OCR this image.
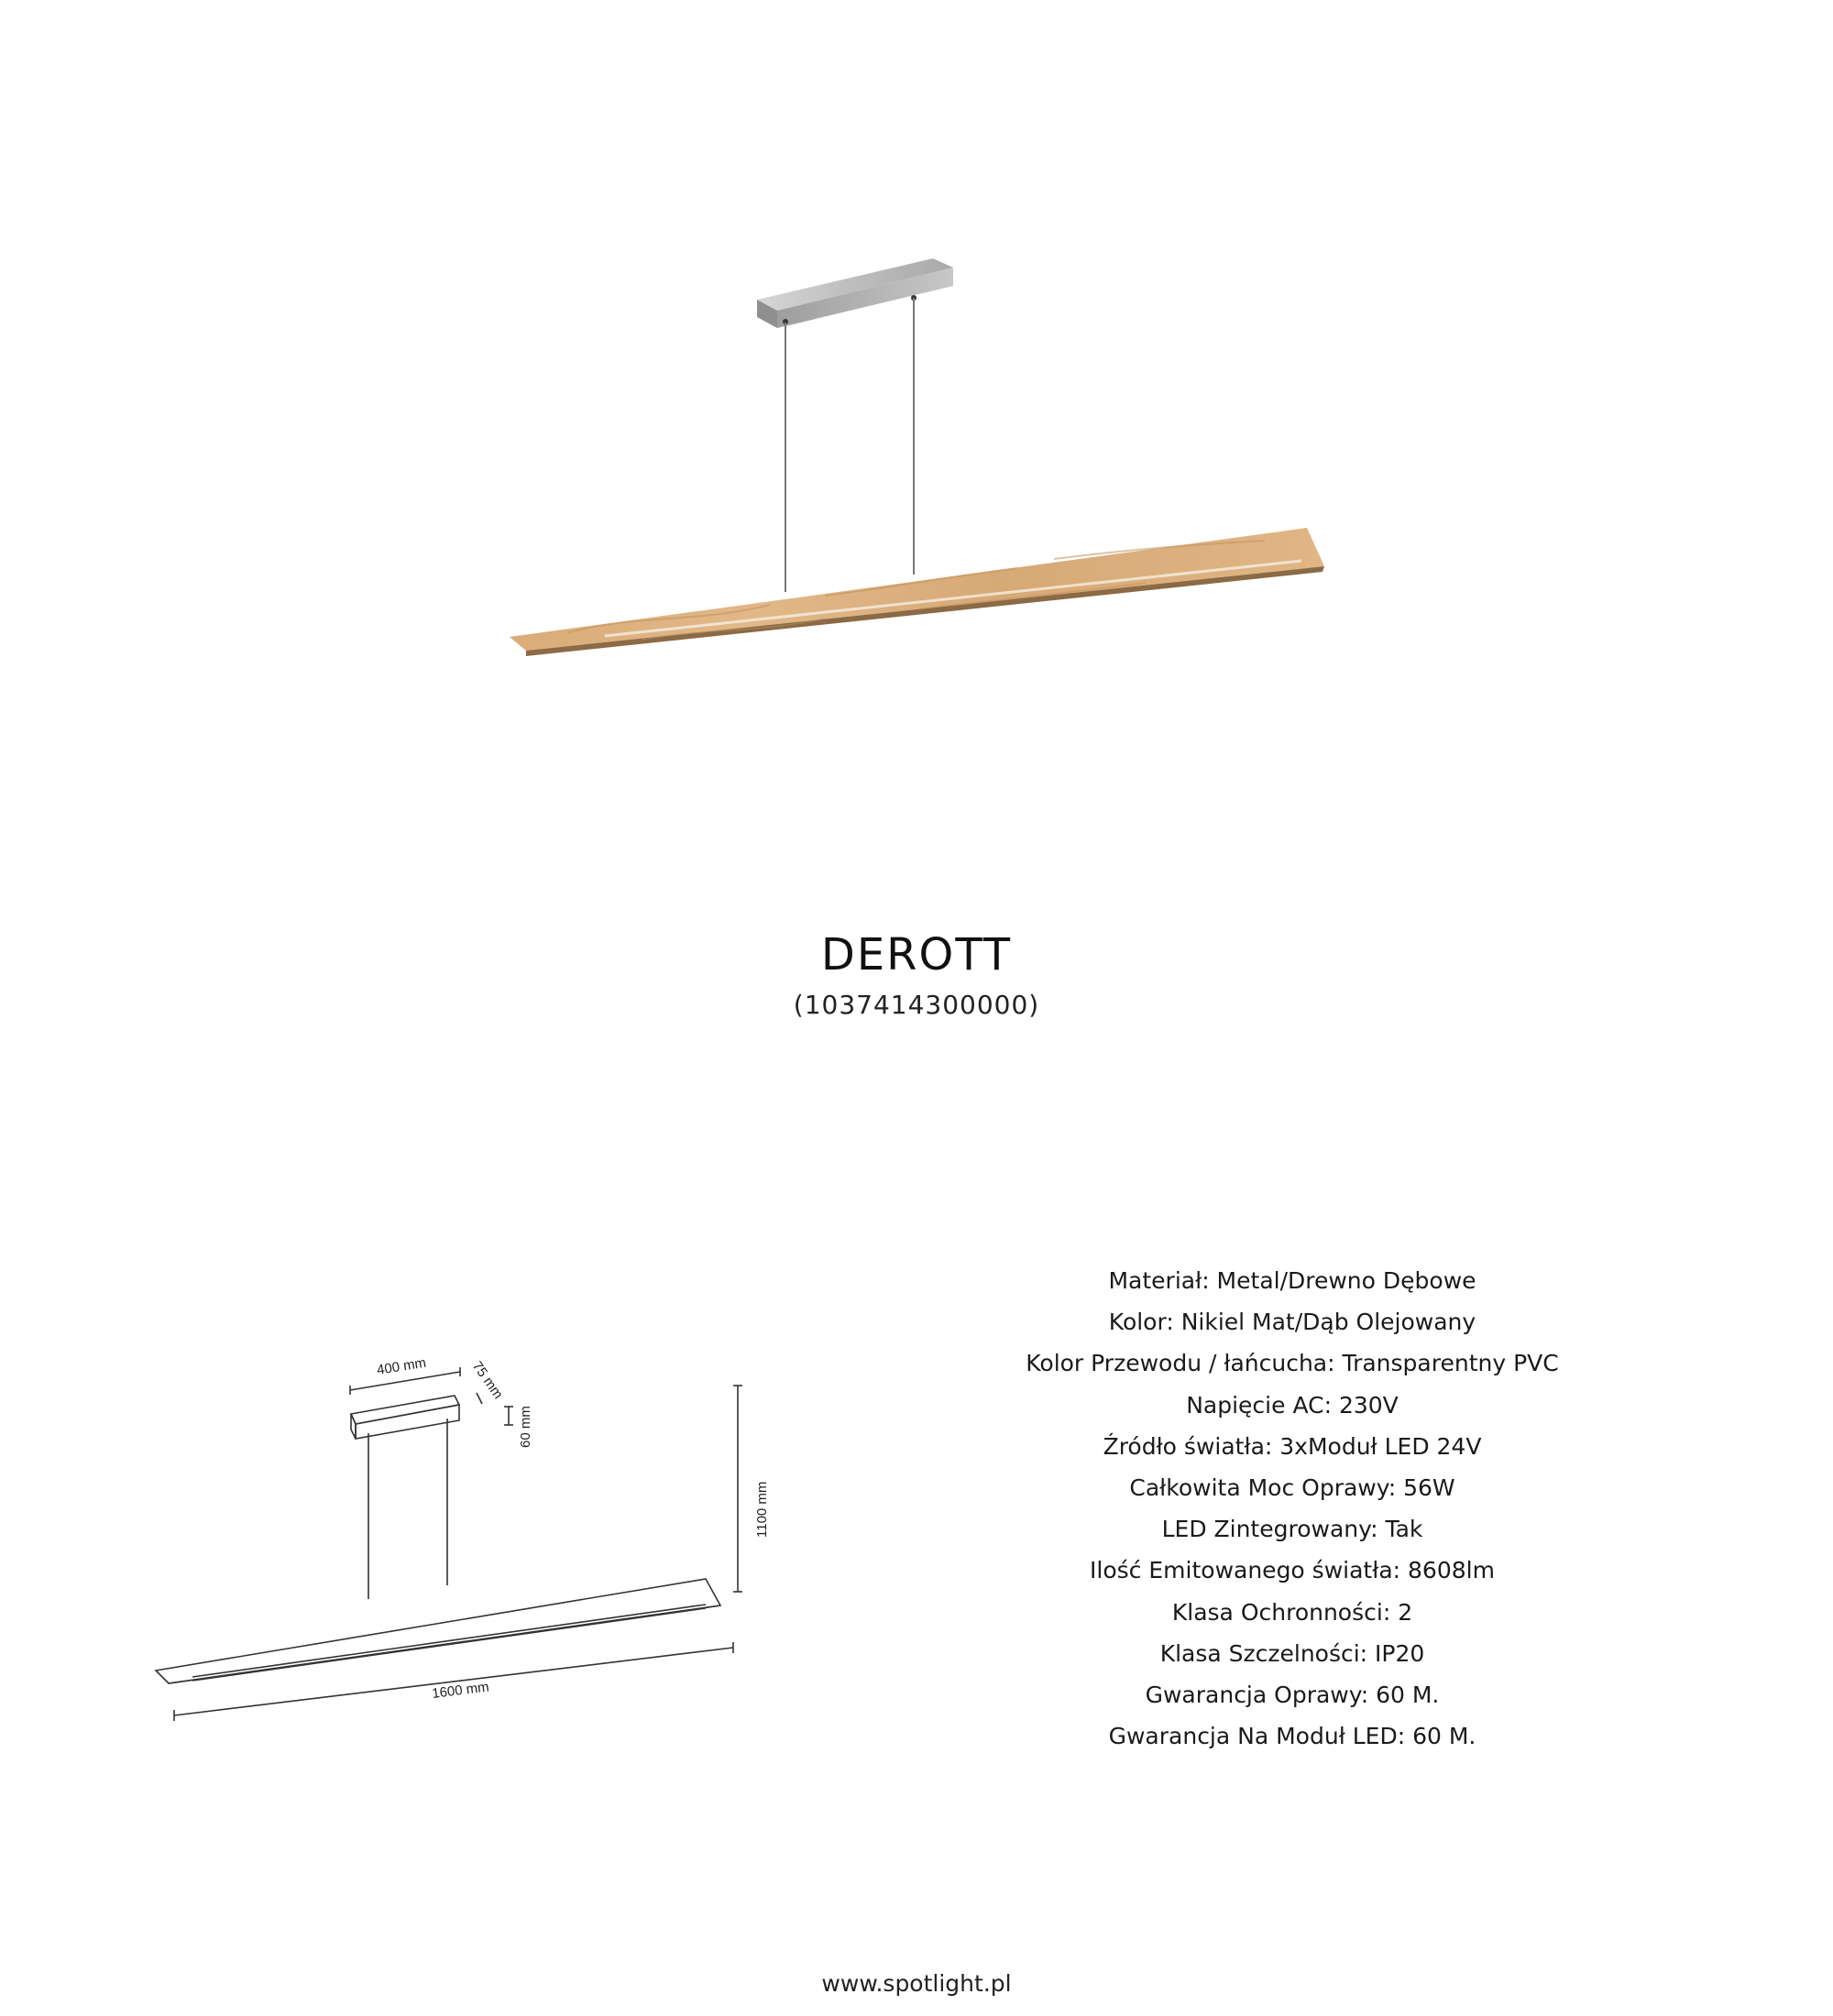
DEROTT
(1037414300000)
400 mm	75 mm
60 mm
1100 mm
1600 mm
Materiał: Metal/Drewno Dębowe
Kolor: Nikiel Mat/Dąb Olejowany
Kolor Przewodu / łańcucha: Transparentny PVC
Napięcie AC: 230V
Źródło światła: 3xModuł LED 24V
Całkowita Moc Oprawy: 56W
LED Zintegrowany: Tak
Ilość Emitowanego światła: 8608lm
Klasa Ochronności: 2
Klasa Szczelności: IP20
Gwarancja Oprawy: 60 M.
Gwarancja Na Moduł LED: 60 M.
www.spotlight.pl
